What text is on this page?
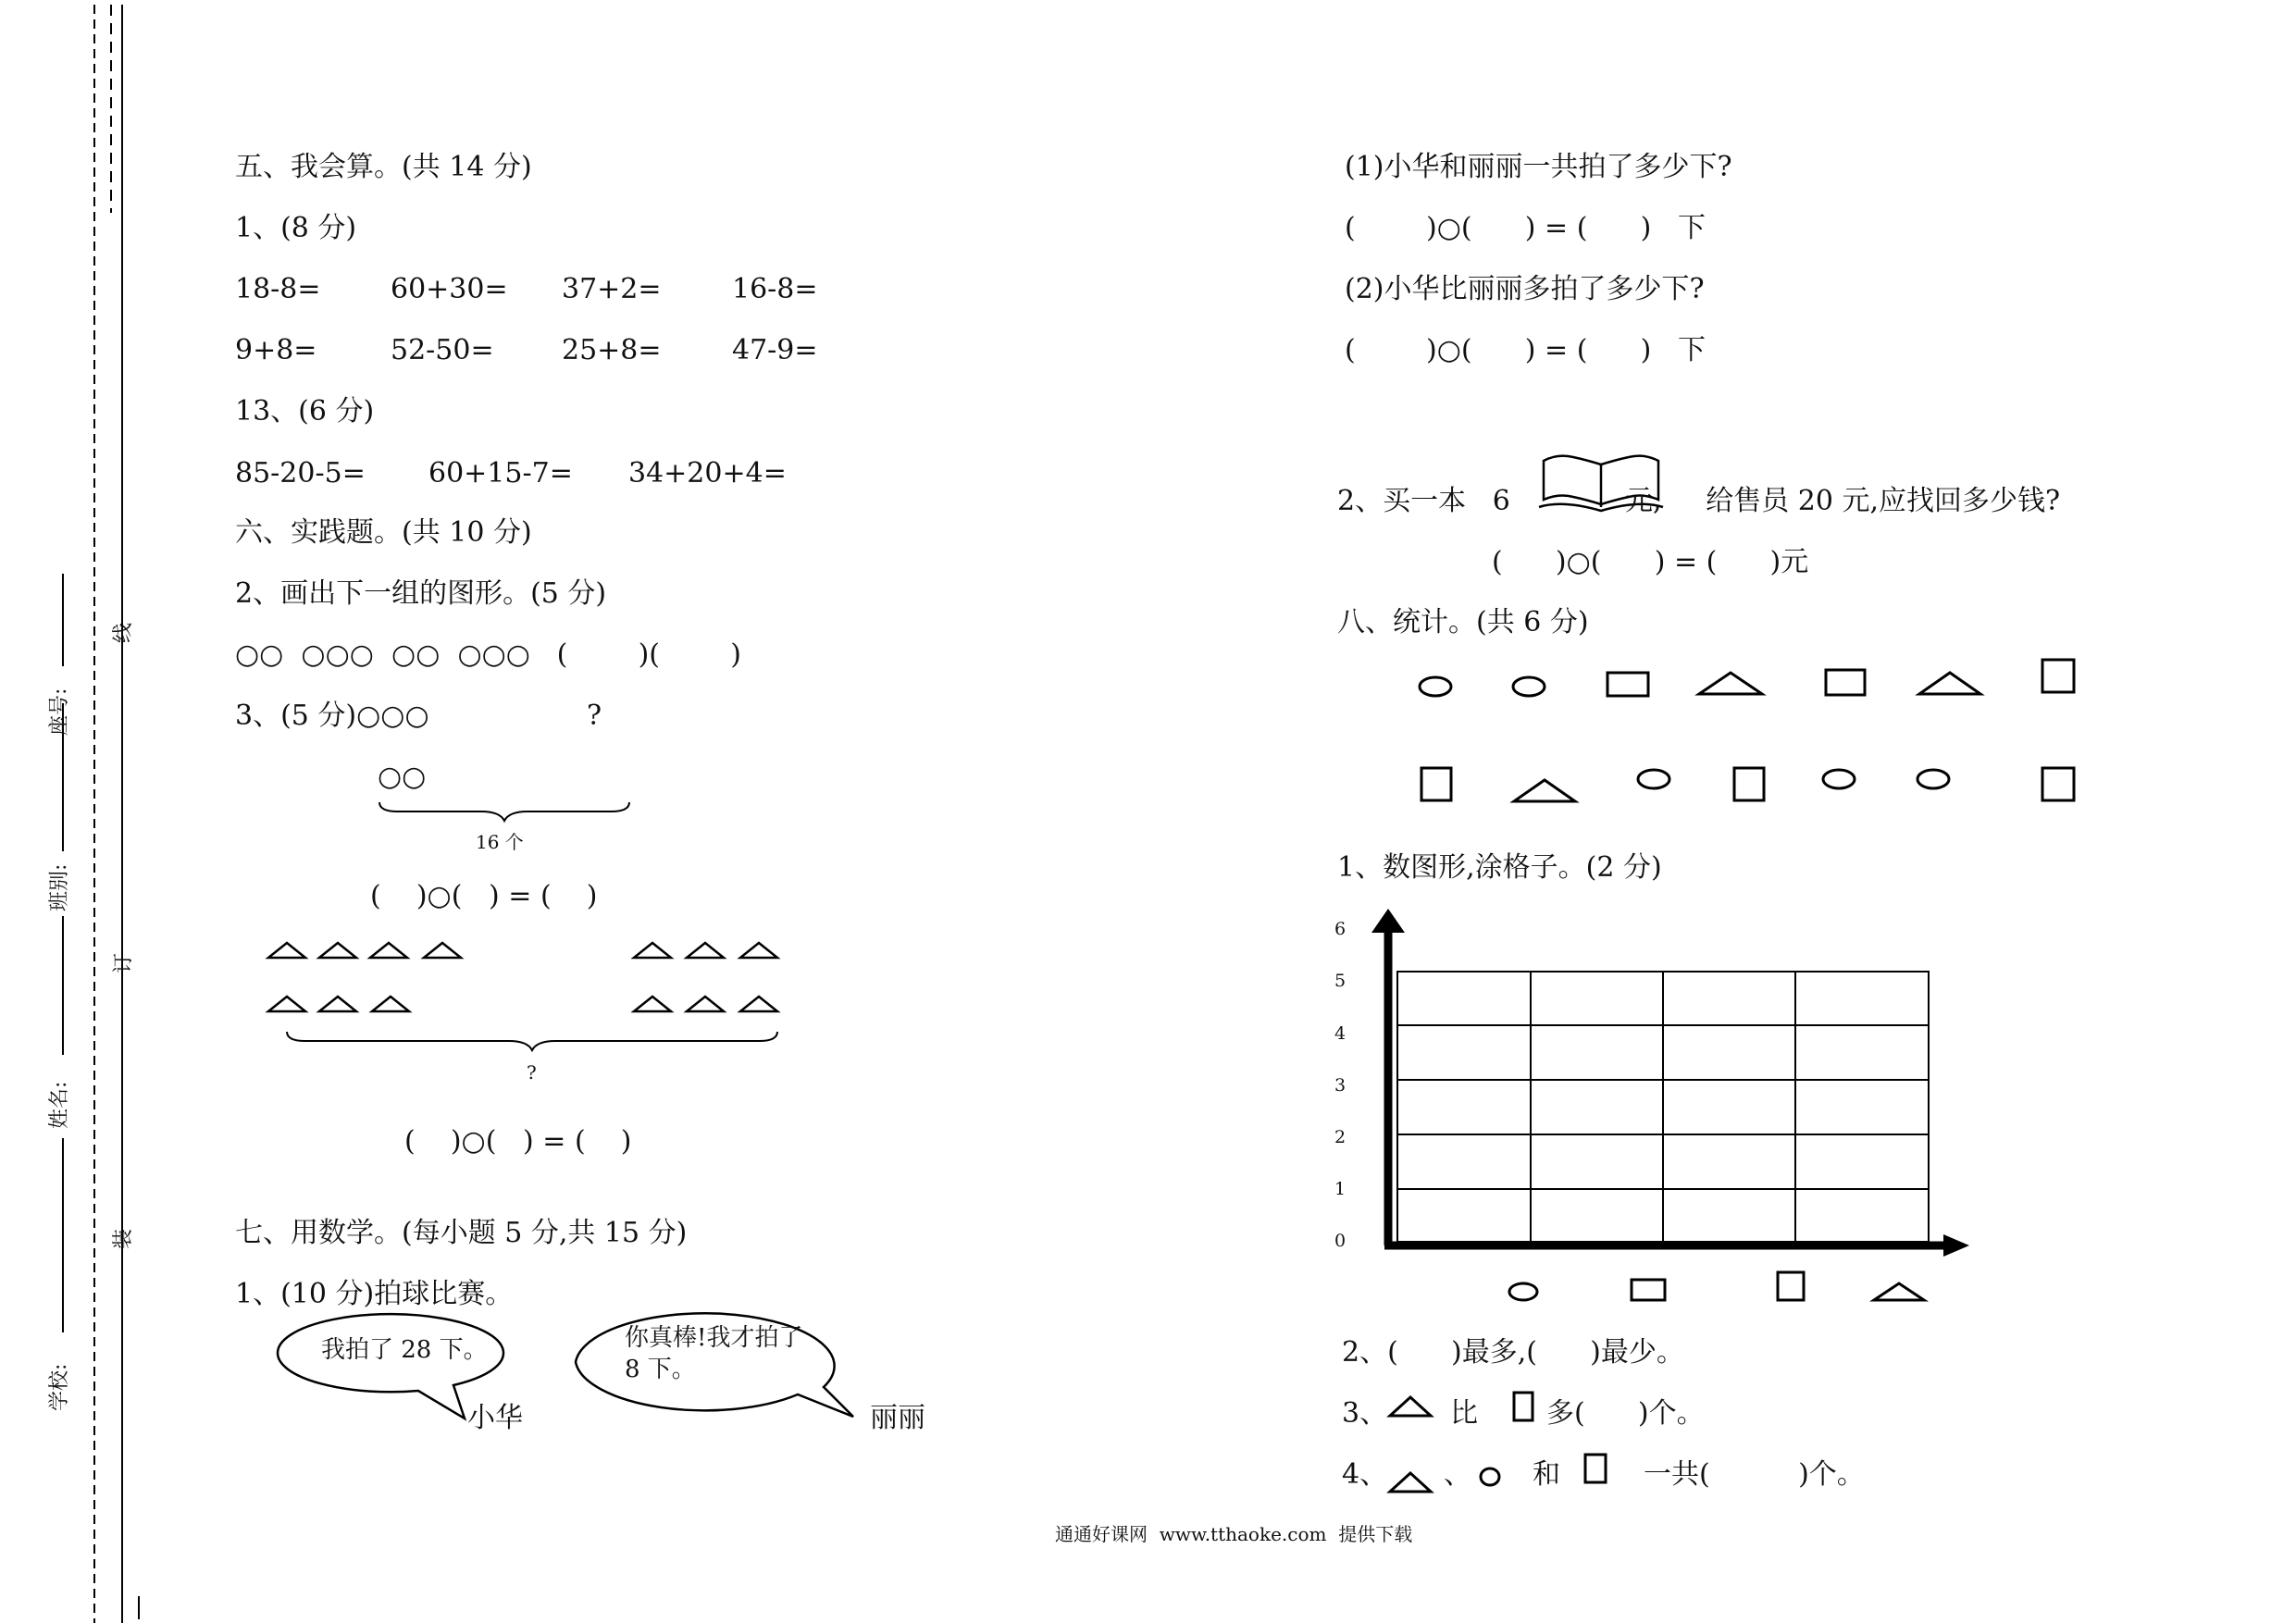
座号:
班别:
姓名:
学校:
线
订
装
五、我会算。(共 14 分)
1、(8 分)
18-8=	60+30= 37+2=	16-8=
9+8=	52-50= 25+8=	47-9=
13、(6 分)
85-20-5= 60+15-7= 34+20+4=
六、实践题。(共 10 分)
2、画出下一组的图形。(5 分)
○○  ○○○  ○○  ○○○   (        )(        )
3、(5 分)○○○	?
○○
16 个
(    )○(   ) = (    )
?
(    )○(   ) = (    )
七、用数学。(每小题 5 分,共 15 分)
1、(10 分)拍球比赛。
我拍了 28 下。	你真棒!我才拍了
8 下。
小华	丽丽
(1)小华和丽丽一共拍了多少下?
(        )○(      ) = (      )   下
(2)小华比丽丽多拍了多少下?
(        )○(      ) = (      )   下
2、买一本   6	元,     给售员 20 元,应找回多少钱?
(      )○(      ) = (      )元
八、统计。(共 6 分)
1、数图形,涂格子。(2 分)
6
5
4
3
2
1
0
2、(      )最多,(      )最少。
3、 比 多(      )个。
4、 、 和	一共(          )个。
通通好课网  www.tthaoke.com  提供下载
